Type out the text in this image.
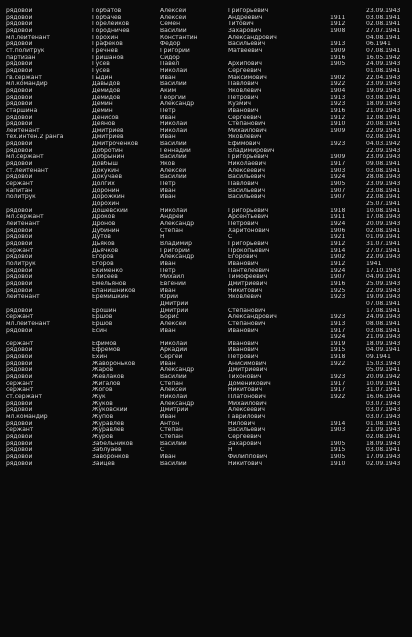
рядовой	Горбатов	Алексей	Григорьевич		23.09.1943
рядовой	Горбачев	Алексей	Андреевич	1911	03.08.1941
рядовой	Горелейков	Семен	Титович	1912	02.08.1941
рядовой	Городничев	Василий	Захарович	1908	27.07.1941
мл.лейтенант	Горохин	Константин	Александрович		04.08.1941
рядовой	Графеков	Федор	Васильевич	1913	06.1941
ст.политрук	Гречнев	Григорий	Матвеевич	1909	07.08.1941
партизан	Гришанов	Сидор		1916	16.05.1942
рядовой	Гусев	Павел	Архипович	1905	24.09.1943
рядовой	Гусев	Николай	Сергеевич		01.08.1941
гв.сержант	Гыдин	Иван	Максимович	1902	22.04.1943
мл.командир	Давыдов	Василий	Павлович	1922	23.09.1943
рядовой	Демидов	Аким	Яковлевич	1904	19.09.1943
рядовой	Демидов	Георгий	Петрович	1913	03.08.1941
рядовой	Демин	Александр	Кузмич	1923	18.09.1943
старшина	Демин	Петр	Иванович	1916	21.09.1943
рядовой	Денисов	Иван	Сергеевич	1912	12.08.1941
рядовой	Деянов	Николай	Степанович	1910	20.08.1941
лейтенант	Дмитриев	Николай	Михайлович	1909	22.09.1943
тех.интен.2 ранга	Дмитриев	Иван	Яковлевич		02.08.1941
рядовой	Дмитроченков	Василий	Ефимович	1923	04.03.1942
рядовой	Добротин	Геннадий	Владимирович		22.09.1943
мл.сержант	Добрынин	Василий	Григорьевич	1909	23.09.1943
рядовой	Довбыш	Яков	Николаевич	1917	09.08.1941
ст.лейтенант	Докукин	Алексей	Алексеевич	1903	03.08.1941
рядовой	Докучаев	Василий	Васильевич	1924	28.08.1943
сержант	Долгих	Петр	Павлович	1905	23.09.1943
капитан	Доронин	Иван	Васильевич	1907	23.08.1941
политрук	Дорожкин	Иван	Васильевич	1907	22.08.1941
	Дорохин				25.07.1941
рядовой	Дошевский	Николай	Григорьевич	1918	10.08.1941
мл.сержант	Дроков	Андрей	Арсентьевич	1911	17.08.1943
лейтенант	Дронов	Александр	Петрович	1924	20.09.1943
рядовой	Дубинин	Степан	Харитонович	1906	02.08.1941
рядовой	Дутов	Н	С	1921	01.09.1941
рядовой	Дьяков	Владимир	Григорьевич	1912	31.07.1941
сержант	Дьячков	Григорий	Прокопьевич	1914	27.07.1941
рядовой	Егоров	Александр	Егорович	1902	22.09.1943
политрук	Егоров	Иван	Иванович	1912	1941
рядовой	Екименко	Петр	Пантелеевич	1924	17.10.1943
рядовой	Елисеев	Михаил	Тимофеевич	1907	04.09.1941
рядовой	Емельянов	Евгений	Дмитриевич	1916	25.09.1943
рядовой	Епанишников	Иван	Никитович	1925	22.09.1943
лейтенант	Еремишкин	Юрий	Яковлевич	1923	19.09.1943
		Дмитрий			07.08.1941
рядовой	Ерошин	Дмитрий	Степанович		17.08.1941
сержант	Ершов	Борис	Александрович	1923	24.09.1943
мл.лейтенант	Ершов	Алексей	Степанович	1913	08.08.1941
рядовой	Есин	Иван	Иванович	1917	03.08.1941
				1924	21.09.1943
сержант	Ефимов	Николай	Иванович	1919	18.09.1943
рядовой	Ефремов	Аркадий	Иванович	1915	04.09.1941
рядовой	Ехин	Сергей	Петрович	1918	09.1941
рядовой	Жавороньков	Иван	Анисимович	1922	15.03.1943
рядовой	Жаров	Александр	Дмитриевич		05.09.1941
рядовой	Жевлаков	Василий	Тихонович	1923	20.09.1942
сержант	Жигалов	Степан	Доменикович	1917	10.09.1941
сержант	Жогов	Алексей	Никитович	1917	31.07.1941
ст.сержант	Жук	Николай	Платонович	1922	16.06.1944
рядовой	Жуков	Александр	Михайлович		03.07.1943
рядовой	Жуковский	Дмитрий	Алексеевич		03.07.1943
мл.командир	Жупов	Иван	Гаврилович		03.07.1943
рядовой	Журавлев	Антон	Нилович	1914	01.08.1941
сержант	Журавлев	Степан	Васильевич	1903	21.09.1943
рядовой	Журов	Степан	Сергеевич		02.08.1941
рядовой	Забельников	Василий	Захарович	1905	18.09.1943
рядовой	Заблуаев	С	Н	1915	03.08.1941
рядовой	Заворонков	Иван	Филиппович	1905	17.09.1943
рядовой	Зайцев	Василий	Никитович	1910	02.09.1943
